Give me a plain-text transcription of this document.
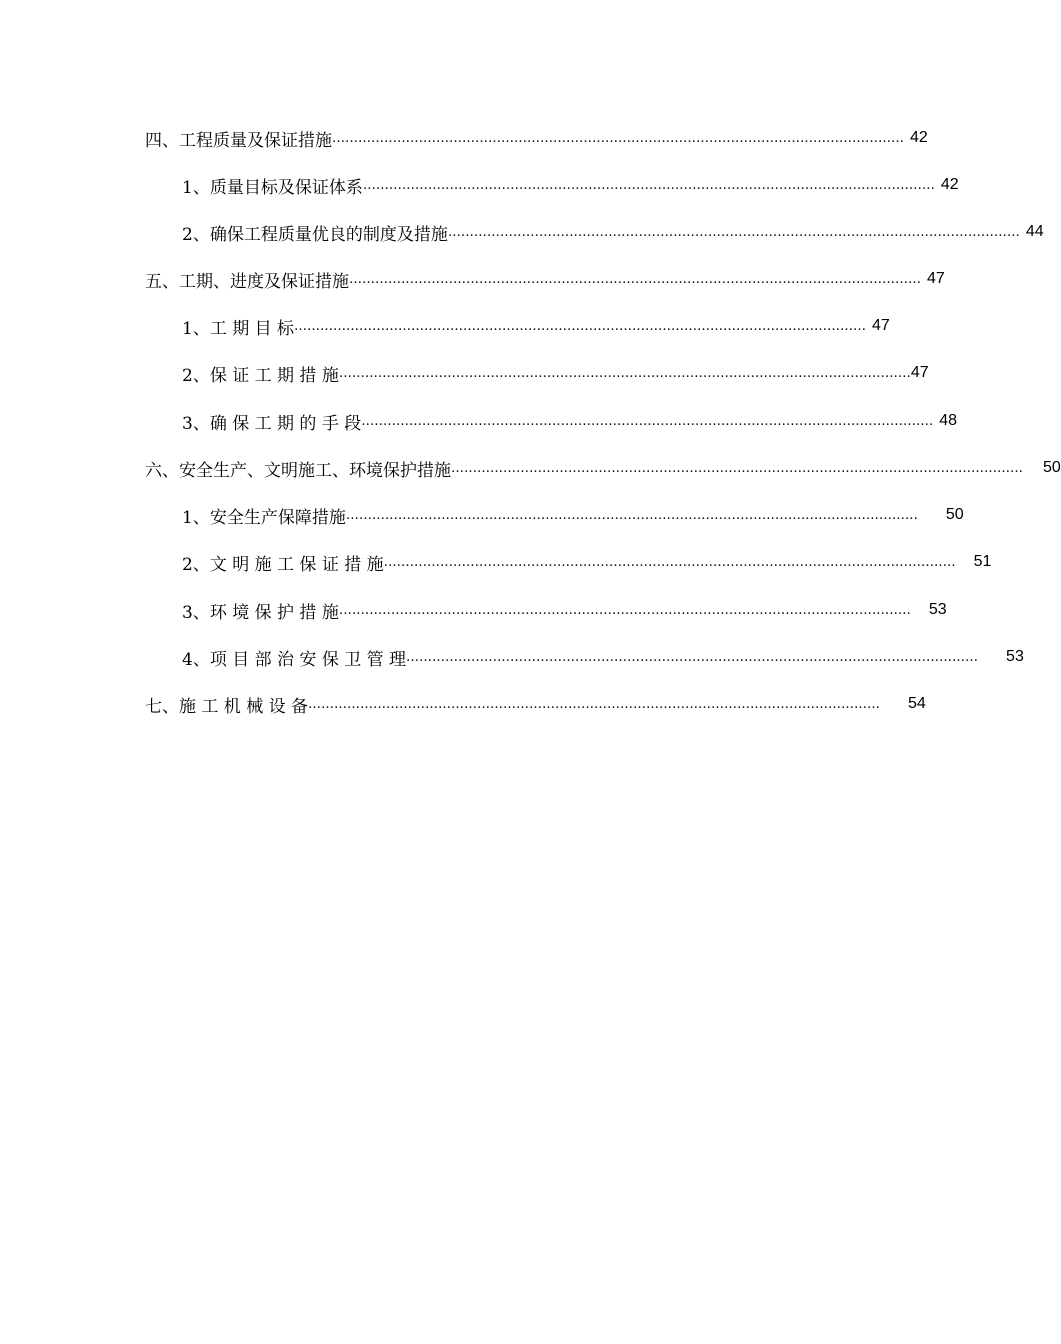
四、工程质量及保证措施 …………………………………………………………………………………………………………………… 42
1、质量目标及保证体系 …………………………………………………………………………………………………………………… 42
2、确保工程质量优良的制度及措施 …………………………………………………………………………………………………………………… 44
五、工期、进度及保证措施 …………………………………………………………………………………………………………………… 47
1、工 期 目 标 …………………………………………………………………………………………………………………… 47
2、保 证 工 期 措 施 …………………………………………………………………………………………………………………… 47
3、确 保 工 期 的 手 段 …………………………………………………………………………………………………………………… 48
六、安全生产、文明施工、环境保护措施 …………………………………………………………………………………………………………………… 50
1、安全生产保障措施 …………………………………………………………………………………………………………………… 50
2、文 明 施 工 保 证 措 施 …………………………………………………………………………………………………………………… 51
3、环 境 保 护 措 施 …………………………………………………………………………………………………………………… 53
4、项 目 部 治 安 保 卫 管 理 …………………………………………………………………………………………………………………… 53
七、施 工 机 械 设 备 …………………………………………………………………………………………………………………… 54
